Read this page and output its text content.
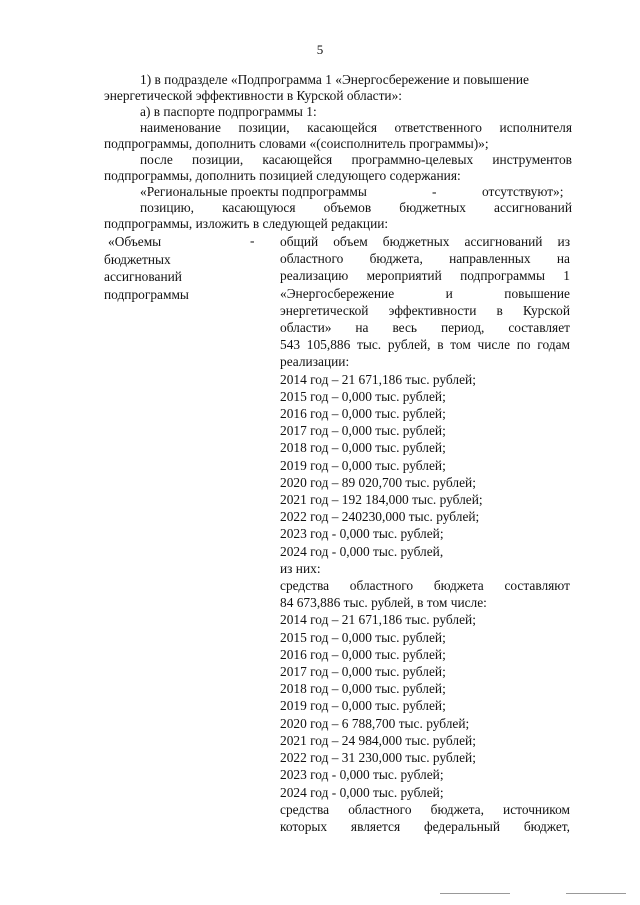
5
1) в подразделе «Подпрограмма 1 «Энергосбережение и повышение
энергетической эффективности в Курской области»:
а) в паспорте подпрограммы 1:
наименование позиции, касающейся ответственного исполнителя
подпрограммы, дополнить словами «(соисполнитель программы)»;
после позиции, касающейся программно-целевых инструментов
подпрограммы, дополнить позицией следующего содержания:
«Региональные проекты подпрограммы	-	отсутствуют»;
позицию, касающуюся объемов бюджетных ассигнований
подпрограммы, изложить в следующей редакции:
«Объемы
бюджетных
ассигнований
подпрограммы
- общий объем бюджетных ассигнований из
областного бюджета, направленных на
реализацию мероприятий подпрограммы 1
«Энергосбережение и повышение
энергетической эффективности в Курской
области» на весь период, составляет
543 105,886 тыс. рублей, в том числе по годам
реализации:
2014 год – 21 671,186 тыс. рублей;
2015 год – 0,000 тыс. рублей;
2016 год – 0,000 тыс. рублей;
2017 год – 0,000 тыс. рублей;
2018 год – 0,000 тыс. рублей;
2019 год – 0,000 тыс. рублей;
2020 год – 89 020,700 тыс. рублей;
2021 год – 192 184,000 тыс. рублей;
2022 год – 240230,000 тыс. рублей;
2023 год - 0,000 тыс. рублей;
2024 год - 0,000 тыс. рублей,
из них:
средства областного бюджета составляют
84 673,886 тыс. рублей, в том числе:
2014 год – 21 671,186 тыс. рублей;
2015 год – 0,000 тыс. рублей;
2016 год – 0,000 тыс. рублей;
2017 год – 0,000 тыс. рублей;
2018 год – 0,000 тыс. рублей;
2019 год – 0,000 тыс. рублей;
2020 год – 6 788,700 тыс. рублей;
2021 год – 24 984,000 тыс. рублей;
2022 год – 31 230,000 тыс. рублей;
2023 год - 0,000 тыс. рублей;
2024 год - 0,000 тыс. рублей;
средства областного бюджета, источником
которых является федеральный бюджет,
